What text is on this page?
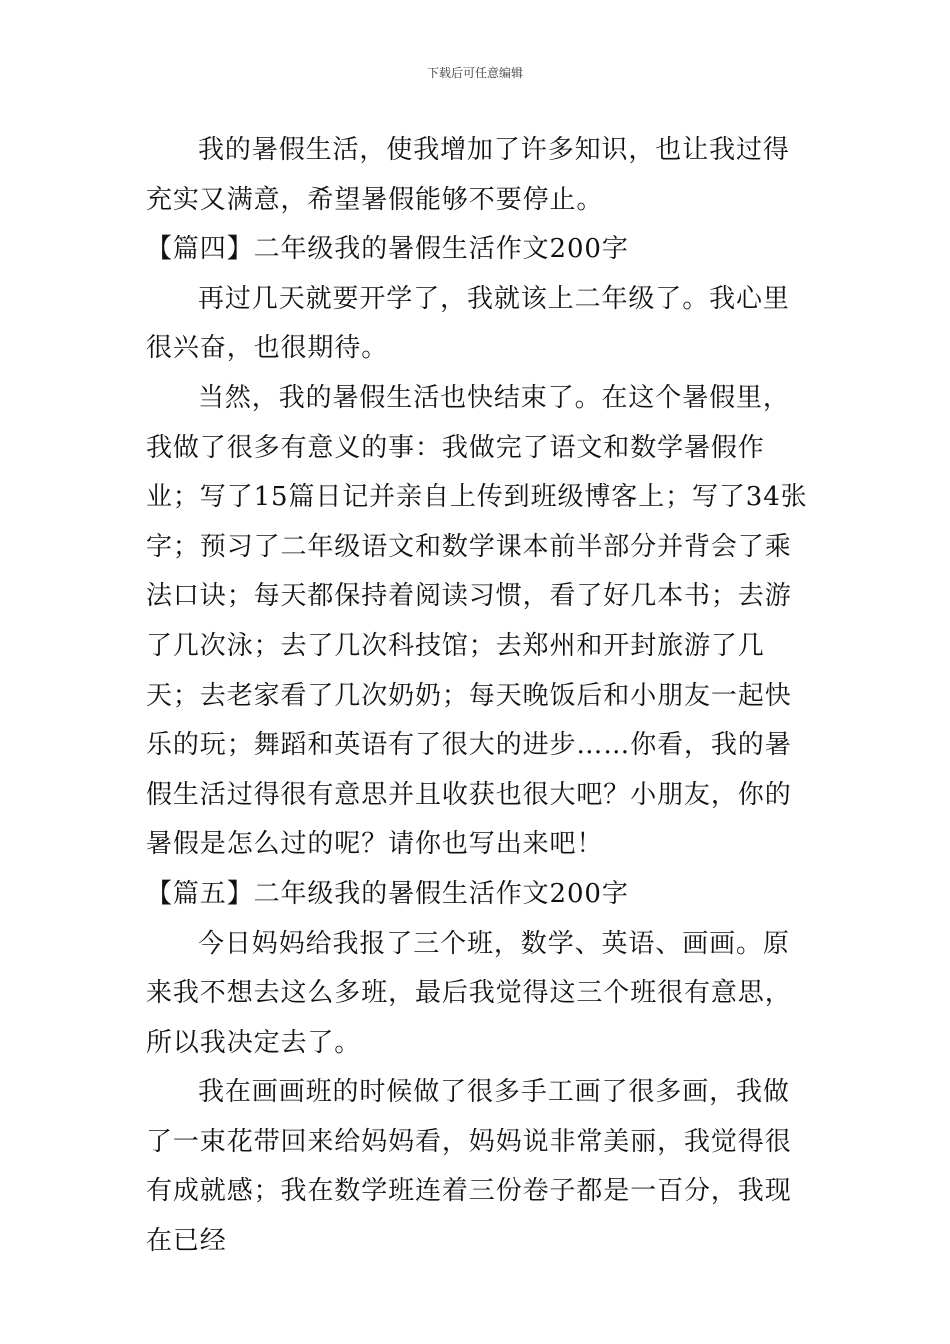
下载后可任意编辑

我的暑假生活，使我增加了许多知识，也让我过得充实又满意，希望暑假能够不要停止。

【篇四】二年级我的暑假生活作文200字

再过几天就要开学了，我就该上二年级了。我心里很兴奋，也很期待。

当然，我的暑假生活也快结束了。在这个暑假里，我做了很多有意义的事：我做完了语文和数学暑假作业；写了15篇日记并亲自上传到班级博客上；写了34张字；预习了二年级语文和数学课本前半部分并背会了乘法口诀；每天都保持着阅读习惯，看了好几本书；去游了几次泳；去了几次科技馆；去郑州和开封旅游了几天；去老家看了几次奶奶；每天晚饭后和小朋友一起快乐的玩；舞蹈和英语有了很大的进步……你看，我的暑假生活过得很有意思并且收获也很大吧？小朋友，你的暑假是怎么过的呢？请你也写出来吧！

【篇五】二年级我的暑假生活作文200字

今日妈妈给我报了三个班，数学、英语、画画。原来我不想去这么多班，最后我觉得这三个班很有意思，所以我决定去了。

我在画画班的时候做了很多手工画了很多画，我做了一束花带回来给妈妈看，妈妈说非常美丽，我觉得很有成就感；我在数学班连着三份卷子都是一百分，我现在已经
